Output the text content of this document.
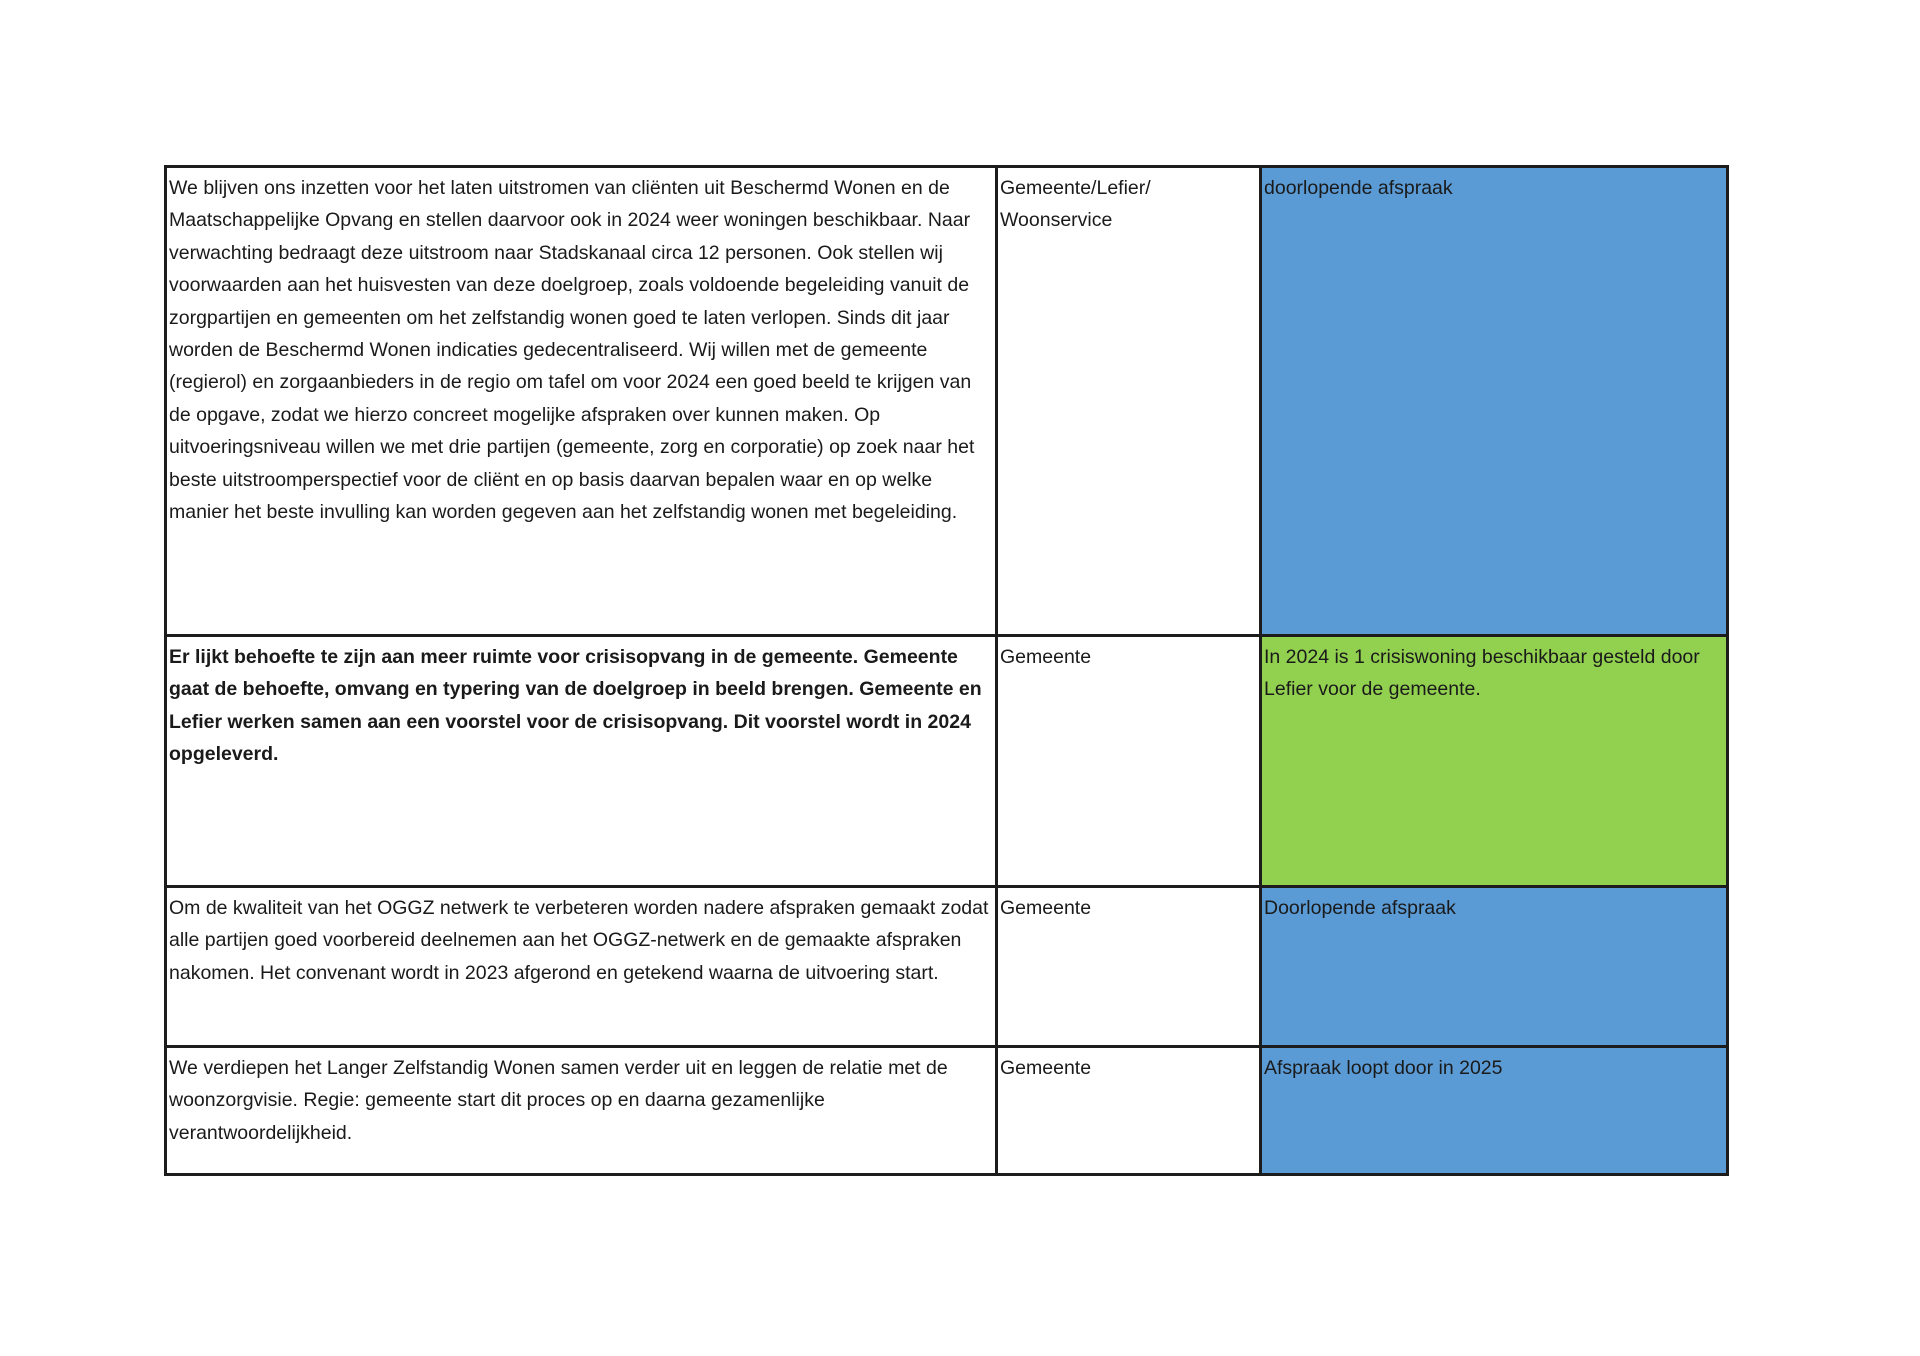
We blijven ons inzetten voor het laten uitstromen van cliënten uit Beschermd Wonen en de Maatschappelijke Opvang en stellen daarvoor ook in 2024 weer woningen beschikbaar. Naar verwachting bedraagt deze uitstroom naar Stadskanaal circa 12 personen. Ook stellen wij voorwaarden aan het huisvesten van deze doelgroep, zoals voldoende begeleiding vanuit de zorgpartijen en gemeenten om het zelfstandig wonen goed te laten verlopen. Sinds dit jaar worden de Beschermd Wonen indicaties gedecentraliseerd. Wij willen met de gemeente (regierol) en zorgaanbieders in de regio om tafel om voor 2024 een goed beeld te krijgen van de opgave, zodat we hierzo concreet mogelijke afspraken over kunnen maken. Op uitvoeringsniveau willen we met drie partijen (gemeente, zorg en corporatie) op zoek naar het beste uitstroomperspectief voor de cliënt en op basis daarvan bepalen waar en op welke manier het beste invulling kan worden gegeven aan het zelfstandig wonen met begeleiding.	Gemeente/Lefier/ Woonservice	doorlopende afspraak
Er lijkt behoefte te zijn aan meer ruimte voor crisisopvang in de gemeente. Gemeente gaat de behoefte, omvang en typering van de doelgroep in beeld brengen. Gemeente en Lefier werken samen aan een voorstel voor de crisisopvang. Dit voorstel wordt in 2024 opgeleverd.	Gemeente	In 2024 is 1 crisiswoning beschikbaar gesteld door Lefier voor de gemeente.
Om de kwaliteit van het OGGZ netwerk te verbeteren worden nadere afspraken gemaakt zodat alle partijen goed voorbereid deelnemen aan het OGGZ-netwerk en de gemaakte afspraken nakomen. Het convenant wordt in 2023 afgerond en getekend waarna de uitvoering start.	Gemeente	Doorlopende afspraak
We verdiepen het Langer Zelfstandig Wonen samen verder uit en leggen de relatie met de woonzorgvisie. Regie: gemeente start dit proces op en daarna gezamenlijke verantwoordelijkheid.	Gemeente	Afspraak loopt door in 2025
